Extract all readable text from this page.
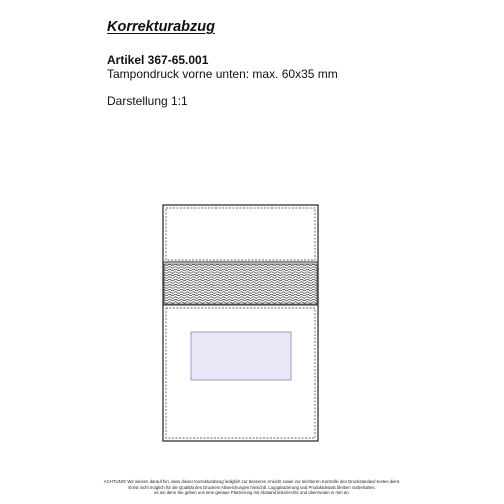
Korrekturabzug
Artikel 367-65.001
Tampondruck vorne unten: max. 60x35 mm
Darstellung 1:1
ACHTUNG! Wir weisen darauf hin, dass dieser Korrekturabzug lediglich zur besseren Ansicht sowie zur leichteren Kontrolle des Druckstandes/-textes dient.
Ernst nicht möglich für die Qualität des Druckes! Abweichungen hinsichtl. Logoplatzierung und Produktdetails bleiben vorbehalten,
es sei denn Sie geben uns eine genaue Platzierung mit Abstand links/rechts und oben/unten in mm an.
